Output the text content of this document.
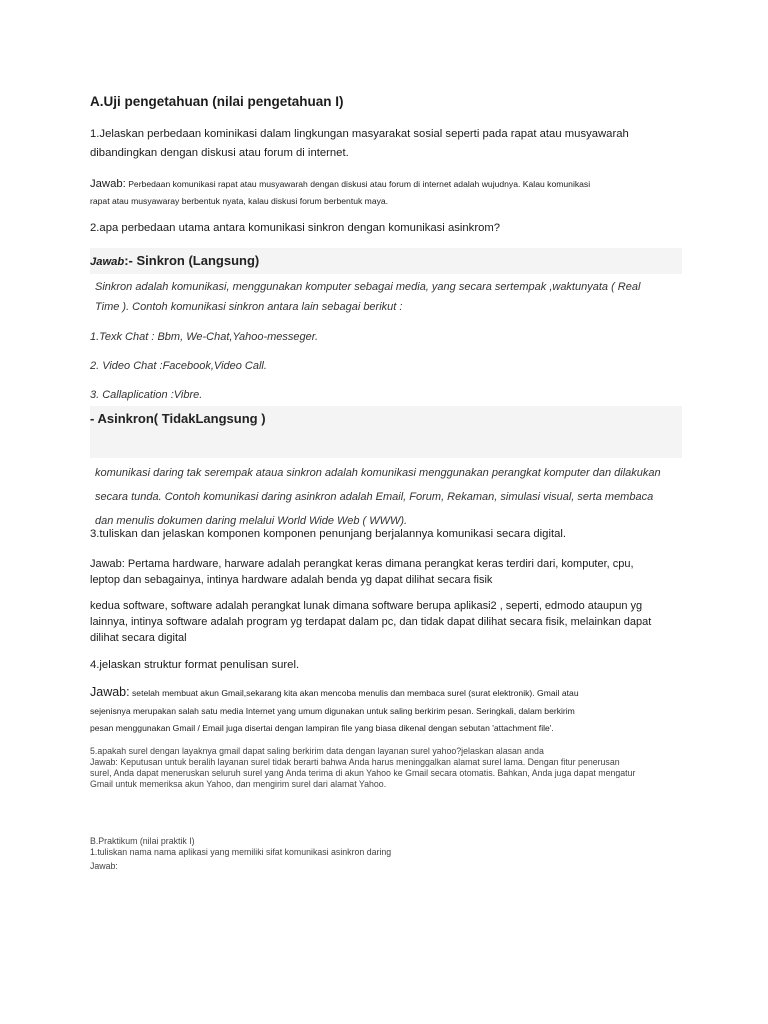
A.Uji pengetahuan (nilai pengetahuan I)
1.Jelaskan perbedaan kominikasi dalam lingkungan masyarakat sosial seperti pada rapat atau musyawarah
dibandingkan dengan diskusi atau forum di internet.
Jawab: Perbedaan komunikasi rapat atau musyawarah dengan diskusi atau forum di internet adalah wujudnya. Kalau komunikasi
rapat atau musyawaray berbentuk nyata, kalau diskusi forum berbentuk maya.
2.apa perbedaan utama antara komunikasi sinkron dengan komunikasi asinkrom?
Jawab:- Sinkron (Langsung)
Sinkron adalah komunikasi, menggunakan komputer sebagai media, yang secara sertempak ,waktunyata ( Real
Time ). Contoh komunikasi sinkron antara lain sebagai berikut :
1.Texk Chat : Bbm, We-Chat,Yahoo-messeger.
2. Video Chat :Facebook,Video Call.
3. Callaplication :Vibre.
- Asinkron( TidakLangsung )
komunikasi daring tak serempak ataua sinkron adalah komunikasi menggunakan perangkat komputer dan dilakukan
secara tunda. Contoh komunikasi daring asinkron adalah Email, Forum, Rekaman, simulasi visual, serta membaca
dan menulis dokumen daring melalui World Wide Web ( WWW).
3.tuliskan dan jelaskan komponen komponen penunjang berjalannya komunikasi secara digital.
Jawab: Pertama hardware, harware adalah perangkat keras dimana perangkat keras terdiri dari, komputer, cpu,
leptop dan sebagainya, intinya hardware adalah benda yg dapat dilihat secara fisik
kedua software, software adalah perangkat lunak dimana software berupa aplikasi2 , seperti, edmodo ataupun yg
lainnya, intinya software adalah program yg terdapat dalam pc, dan tidak dapat dilihat secara fisik, melainkan dapat
dilihat secara digital
4.jelaskan struktur format penulisan surel.
Jawab: setelah membuat akun Gmail,sekarang kita akan mencoba menulis dan membaca surel (surat elektronik). Gmail atau
sejenisnya merupakan salah satu media Internet yang umum digunakan untuk saling berkirim pesan. Seringkali, dalam berkirim
pesan menggunakan Gmail / Email juga disertai dengan lampiran file yang biasa dikenal dengan sebutan 'attachment file'.
5.apakah surel dengan layaknya gmail dapat saling berkirim data dengan layanan surel yahoo?jelaskan alasan anda
Jawab: Keputusan untuk beralih layanan surel tidak berarti bahwa Anda harus meninggalkan alamat surel lama. Dengan fitur penerusan
surel, Anda dapat meneruskan seluruh surel yang Anda terima di akun Yahoo ke Gmail secara otomatis. Bahkan, Anda juga dapat mengatur
Gmail untuk memeriksa akun Yahoo, dan mengirim surel dari alamat Yahoo.
B.Praktikum (nilai praktik I)
1.tuliskan nama nama aplikasi yang memiliki sifat komunikasi asinkron daring
Jawab:
